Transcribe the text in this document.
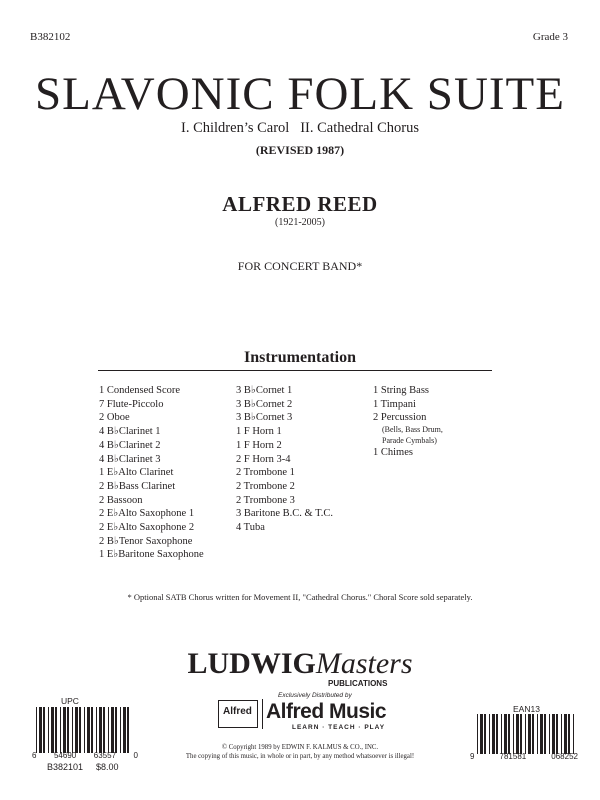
B382102	Grade 3
SLAVONIC FOLK SUITE
I. Children’s Carol   II. Cathedral Chorus
(REVISED 1987)
ALFRED REED
(1921-2005)
FOR CONCERT BAND*
Instrumentation
1 Condensed Score
7 Flute-Piccolo
2 Oboe
4 B♭Clarinet 1
4 B♭Clarinet 2
4 B♭Clarinet 3
1 E♭Alto Clarinet
2 B♭Bass Clarinet
2 Bassoon
2 E♭Alto Saxophone 1
2 E♭Alto Saxophone 2
2 B♭Tenor Saxophone
1 E♭Baritone Saxophone
3 B♭Cornet 1
3 B♭Cornet 2
3 B♭Cornet 3
1 F Horn 1
1 F Horn 2
2 F Horn 3-4
2 Trombone 1
2 Trombone 2
2 Trombone 3
3 Baritone B.C. & T.C.
4 Tuba
1 String Bass
1 Timpani
2 Percussion
(Bells, Bass Drum,
Parade Cymbals)
1 Chimes
* Optional SATB Chorus written for Movement II, "Cathedral Chorus." Choral Score sold separately.
LUDWIGMasters
PUBLICATIONS
Exclusively Distributed by
Alfred Alfred Music
LEARN · TEACH · PLAY
© Copyright 1989 by EDWIN F. KALMUS & CO., INC.
The copying of this music, in whole or in part, by any method whatsoever is illegal!
UPC
6 54690 63557 0
B382101 $8.00
EAN13
9	781581	068252
